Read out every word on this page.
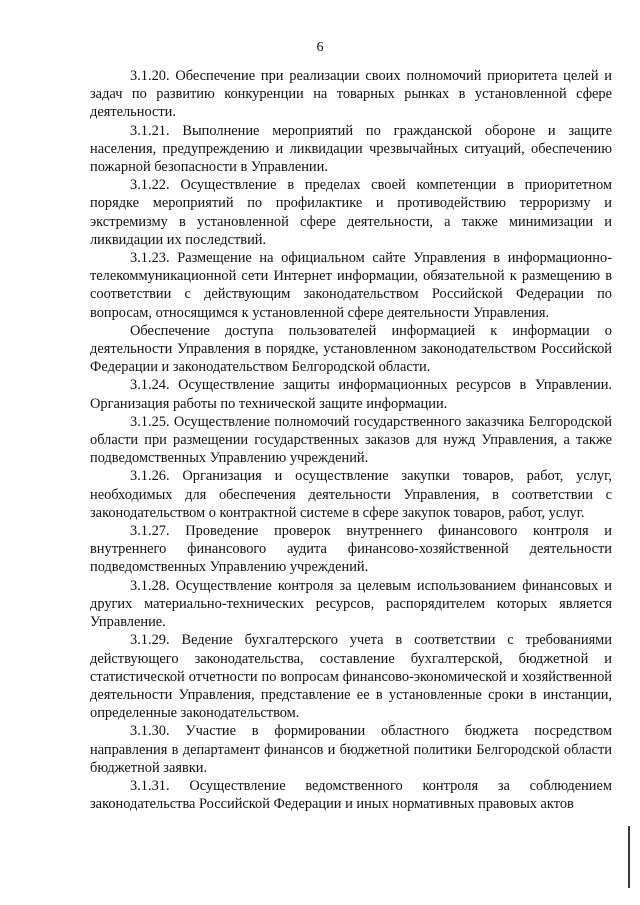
6

3.1.20. Обеспечение при реализации своих полномочий приоритета целей и задач по развитию конкуренции на товарных рынках в установленной сфере деятельности.

3.1.21. Выполнение мероприятий по гражданской обороне и защите населения, предупреждению и ликвидации чрезвычайных ситуаций, обеспечению пожарной безопасности в Управлении.

3.1.22. Осуществление в пределах своей компетенции в приоритетном порядке мероприятий по профилактике и противодействию терроризму и экстремизму в установленной сфере деятельности, а также минимизации и ликвидации их последствий.

3.1.23. Размещение на официальном сайте Управления в информационно-телекоммуникационной сети Интернет информации, обязательной к размещению в соответствии с действующим законодательством Российской Федерации по вопросам, относящимся к установленной сфере деятельности Управления.

Обеспечение доступа пользователей информацией к информации о деятельности Управления в порядке, установленном законодательством Российской Федерации и законодательством Белгородской области.

3.1.24. Осуществление защиты информационных ресурсов в Управлении. Организация работы по технической защите информации.

3.1.25. Осуществление полномочий государственного заказчика Белгородской области при размещении государственных заказов для нужд Управления, а также подведомственных Управлению учреждений.

3.1.26. Организация и осуществление закупки товаров, работ, услуг, необходимых для обеспечения деятельности Управления, в соответствии с законодательством о контрактной системе в сфере закупок товаров, работ, услуг.

3.1.27. Проведение проверок внутреннего финансового контроля и внутреннего финансового аудита финансово-хозяйственной деятельности подведомственных Управлению учреждений.

3.1.28. Осуществление контроля за целевым использованием финансовых и других материально-технических ресурсов, распорядителем которых является Управление.

3.1.29. Ведение бухгалтерского учета в соответствии с требованиями действующего законодательства, составление бухгалтерской, бюджетной и статистической отчетности по вопросам финансово-экономической и хозяйственной деятельности Управления, представление ее в установленные сроки в инстанции, определенные законодательством.

3.1.30. Участие в формировании областного бюджета посредством направления в департамент финансов и бюджетной политики Белгородской области бюджетной заявки.

3.1.31. Осуществление ведомственного контроля за соблюдением законодательства Российской Федерации и иных нормативных правовых актов
